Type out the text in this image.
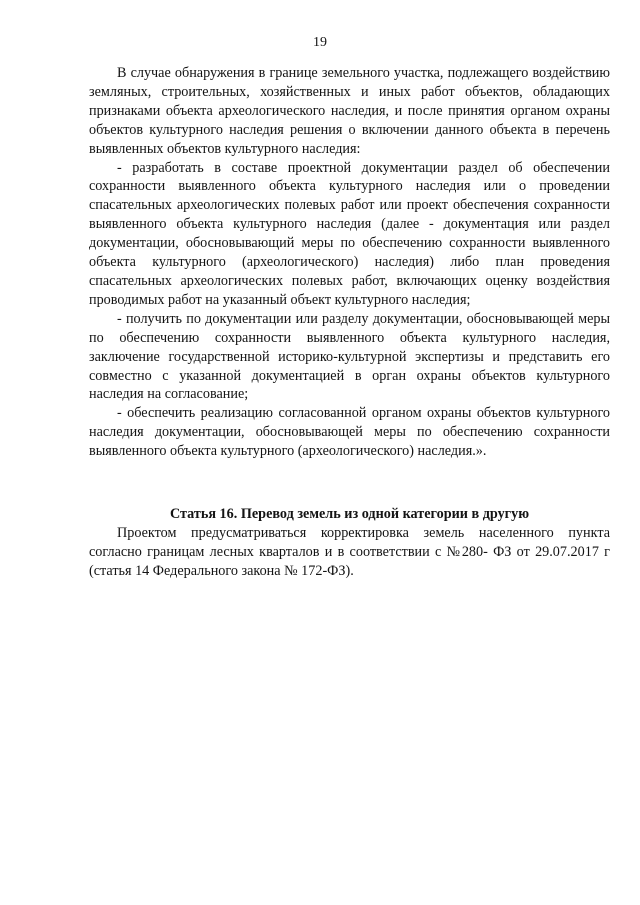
19

В случае обнаружения в границе земельного участка, подлежащего воздействию земляных, строительных, хозяйственных и иных работ объектов, обладающих признаками объекта археологического наследия, и после принятия органом охраны объектов культурного наследия решения о включении данного объекта в перечень выявленных объектов культурного наследия:

- разработать в составе проектной документации раздел об обеспечении сохранности выявленного объекта культурного наследия или о проведении спасательных археологических полевых работ или проект обеспечения сохранности выявленного объекта культурного наследия (далее - документация или раздел документации, обосновывающий меры по обеспечению сохранности выявленного объекта культурного (археологического) наследия) либо план проведения спасательных археологических полевых работ, включающих оценку воздействия проводимых работ на указанный объект культурного наследия;

- получить по документации или разделу документации, обосновывающей меры по обеспечению сохранности выявленного объекта культурного наследия, заключение государственной историко-культурной экспертизы и представить его совместно с указанной документацией в орган охраны объектов культурного наследия на согласование;

- обеспечить реализацию согласованной органом охраны объектов культурного наследия документации, обосновывающей меры по обеспечению сохранности выявленного объекта культурного (археологического) наследия.».

Статья 16. Перевод земель из одной категории в другую

Проектом предусматриваться корректировка земель населенного пункта согласно границам лесных кварталов и в соответствии с №280- ФЗ от 29.07.2017 г (статья 14 Федерального закона № 172-ФЗ).
